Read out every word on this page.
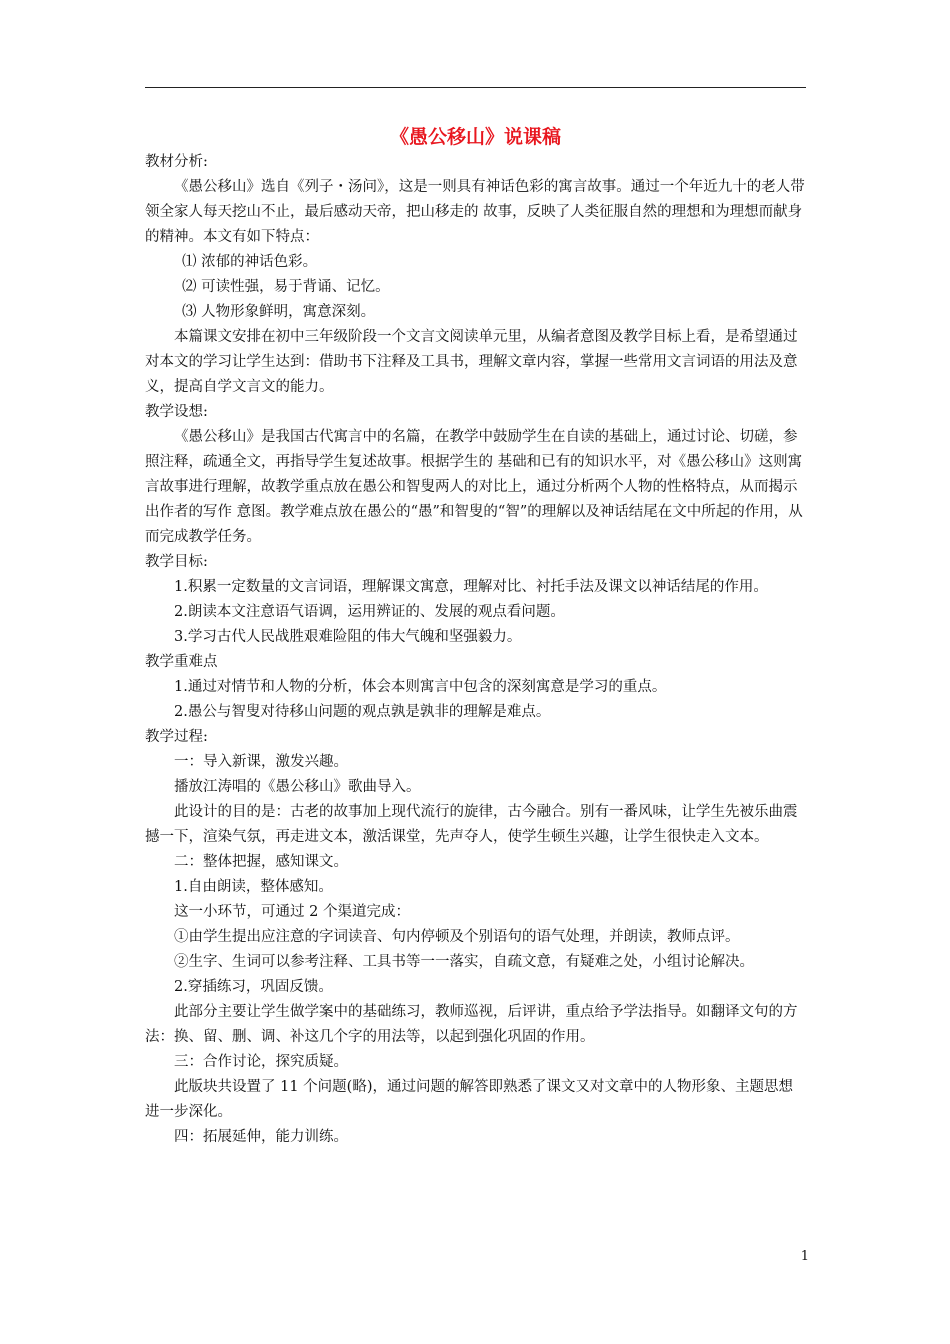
《愚公移山》说课稿

教材分析:

《愚公移山》选自《列子・汤问》，这是一则具有神话色彩的寓言故事。通过一个年近九十的老人带领全家人每天挖山不止，最后感动天帝，把山移走的 故事，反映了人类征服自然的理想和为理想而献身的精神。本文有如下特点：

⑴ 浓郁的神话色彩。

⑵ 可读性强，易于背诵、记忆。

⑶ 人物形象鲜明，寓意深刻。

本篇课文安排在初中三年级阶段一个文言文阅读单元里，从编者意图及教学目标上看，是希望通过对本文的学习让学生达到：借助书下注释及工具书，理解文章内容，掌握一些常用文言词语的用法及意义，提高自学文言文的能力。

教学设想:

《愚公移山》是我国古代寓言中的名篇，在教学中鼓励学生在自读的基础上，通过讨论、切磋，参照注释，疏通全文，再指导学生复述故事。根据学生的 基础和已有的知识水平，对《愚公移山》这则寓言故事进行理解，故教学重点放在愚公和智叟两人的对比上，通过分析两个人物的性格特点，从而揭示出作者的写作 意图。教学难点放在愚公的“愚”和智叟的“智”的理解以及神话结尾在文中所起的作用，从而完成教学任务。

教学目标:

1.积累一定数量的文言词语，理解课文寓意，理解对比、衬托手法及课文以神话结尾的作用。

2.朗读本文注意语气语调，运用辨证的、发展的观点看问题。

3.学习古代人民战胜艰难险阻的伟大气魄和坚强毅力。

教学重难点

1.通过对情节和人物的分析，体会本则寓言中包含的深刻寓意是学习的重点。

2.愚公与智叟对待移山问题的观点孰是孰非的理解是难点。

教学过程:

一：导入新课，激发兴趣。

播放江涛唱的《愚公移山》歌曲导入。

此设计的目的是：古老的故事加上现代流行的旋律，古今融合。别有一番风味，让学生先被乐曲震撼一下，渲染气氛，再走进文本，激活课堂，先声夺人，使学生顿生兴趣，让学生很快走入文本。

二：整体把握，感知课文。

1.自由朗读，整体感知。

这一小环节，可通过 2 个渠道完成：

①由学生提出应注意的字词读音、句内停顿及个别语句的语气处理，并朗读，教师点评。

②生字、生词可以参考注释、工具书等一一落实，自疏文意，有疑难之处，小组讨论解决。

2.穿插练习，巩固反馈。

此部分主要让学生做学案中的基础练习，教师巡视，后评讲，重点给予学法指导。如翻译文句的方法：换、留、删、调、补这几个字的用法等，以起到强化巩固的作用。

三：合作讨论，探究质疑。

此版块共设置了 11 个问题(略)，通过问题的解答即熟悉了课文又对文章中的人物形象、主题思想进一步深化。

四：拓展延伸，能力训练。

1
